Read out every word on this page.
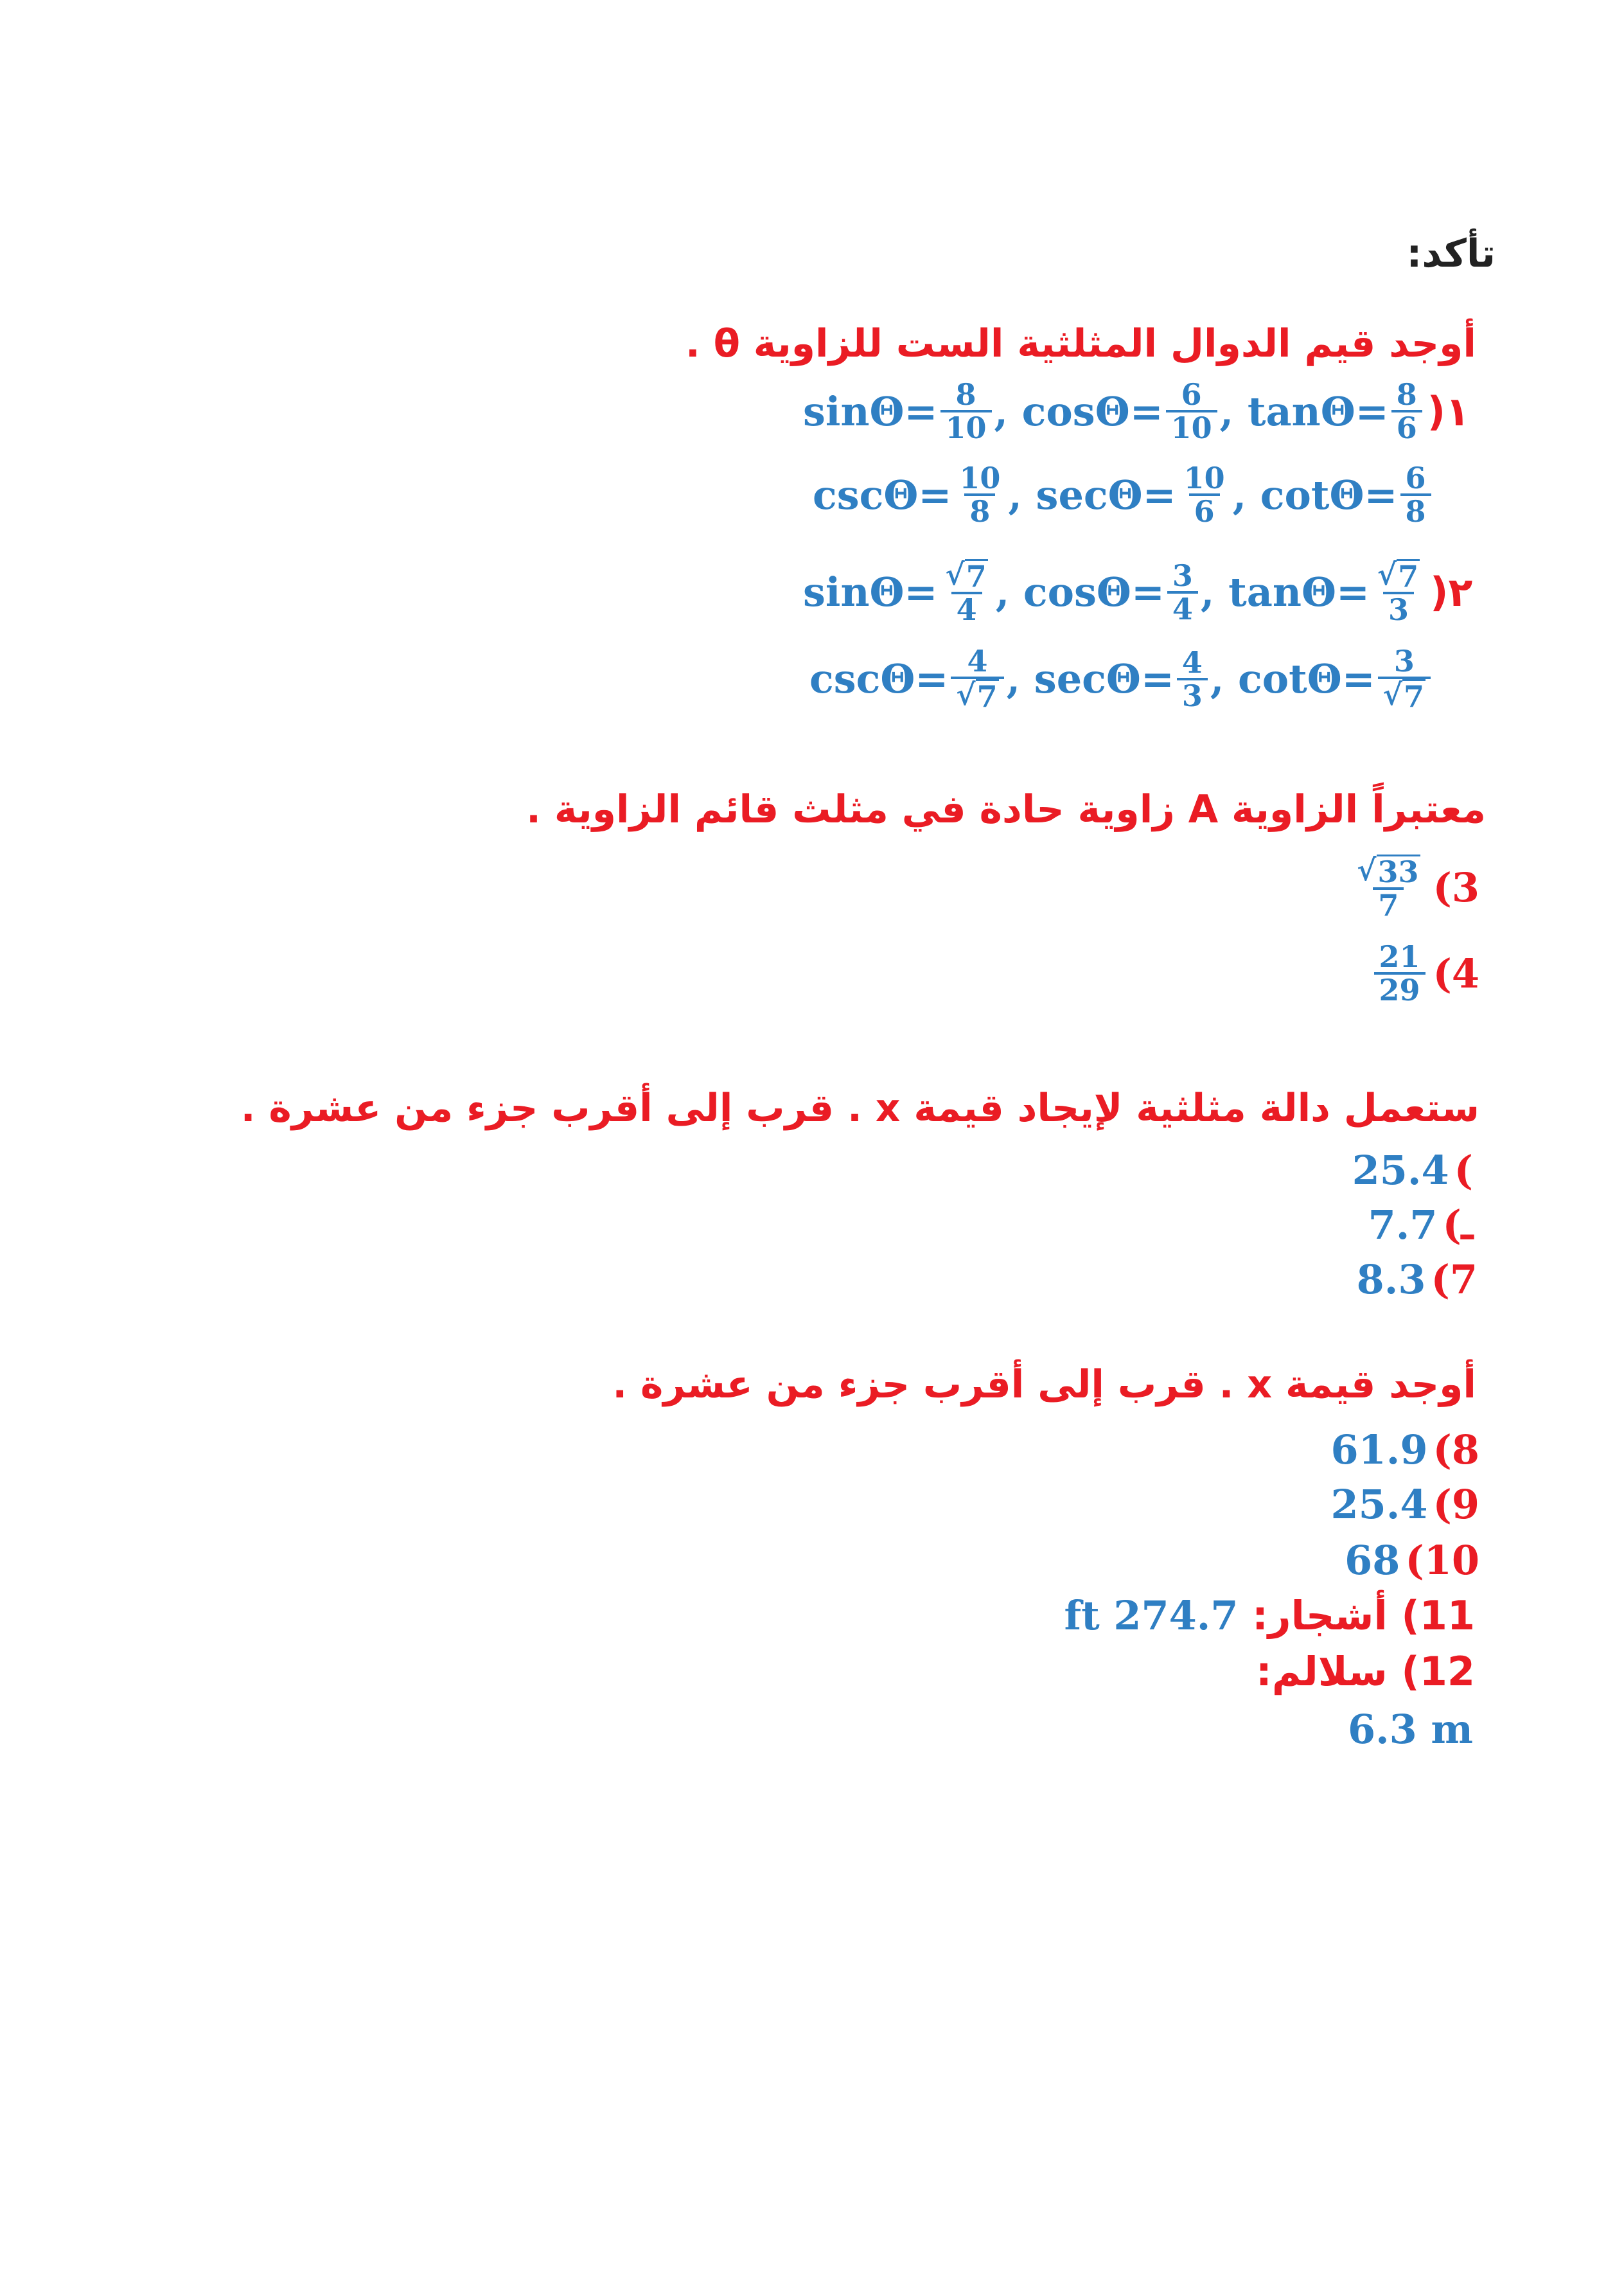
تأكد:
أوجد قيم الدوال المثلثية الست للزاوية θ .
$\sin\Theta= \frac{8}{10}$ , $\cos\Theta= \frac{6}{10}$ , $\tan\Theta= \frac{8}{6}$ )١
$\csc\Theta= \frac{10}{8}$ , $\sec\Theta= \frac{10}{6}$ , $\cot\Theta= \frac{6}{8}$
$\sin\Theta= \frac{√ 7}{4}$ , $\cos\Theta= \frac{3}{4}$ , $\tan\Theta= \frac{√ 7}{3}$ )٢
$\csc\Theta= \frac{4}{√ 7}$ , $\sec\Theta= \frac{4}{3}$ , $\cot\Theta= \frac{3}{√ 7}$
معتبراً الزاوية A زاوية حادة في مثلث قائم الزاوية .
$\frac{√ 33}{7} (3$
$\frac{21}{29} (4$
ستعمل دالة مثلثية لإيجاد قيمة x . قرب إلى أقرب جزء من عشرة .
25.4 (
7.7 (ـ
8.3 (7
أوجد قيمة x . قرب إلى أقرب جزء من عشرة .
61.9 (8
25.4 (9
68 (10
11) أشجار: 274.7 ft
12) سلالم:
6.3 m
